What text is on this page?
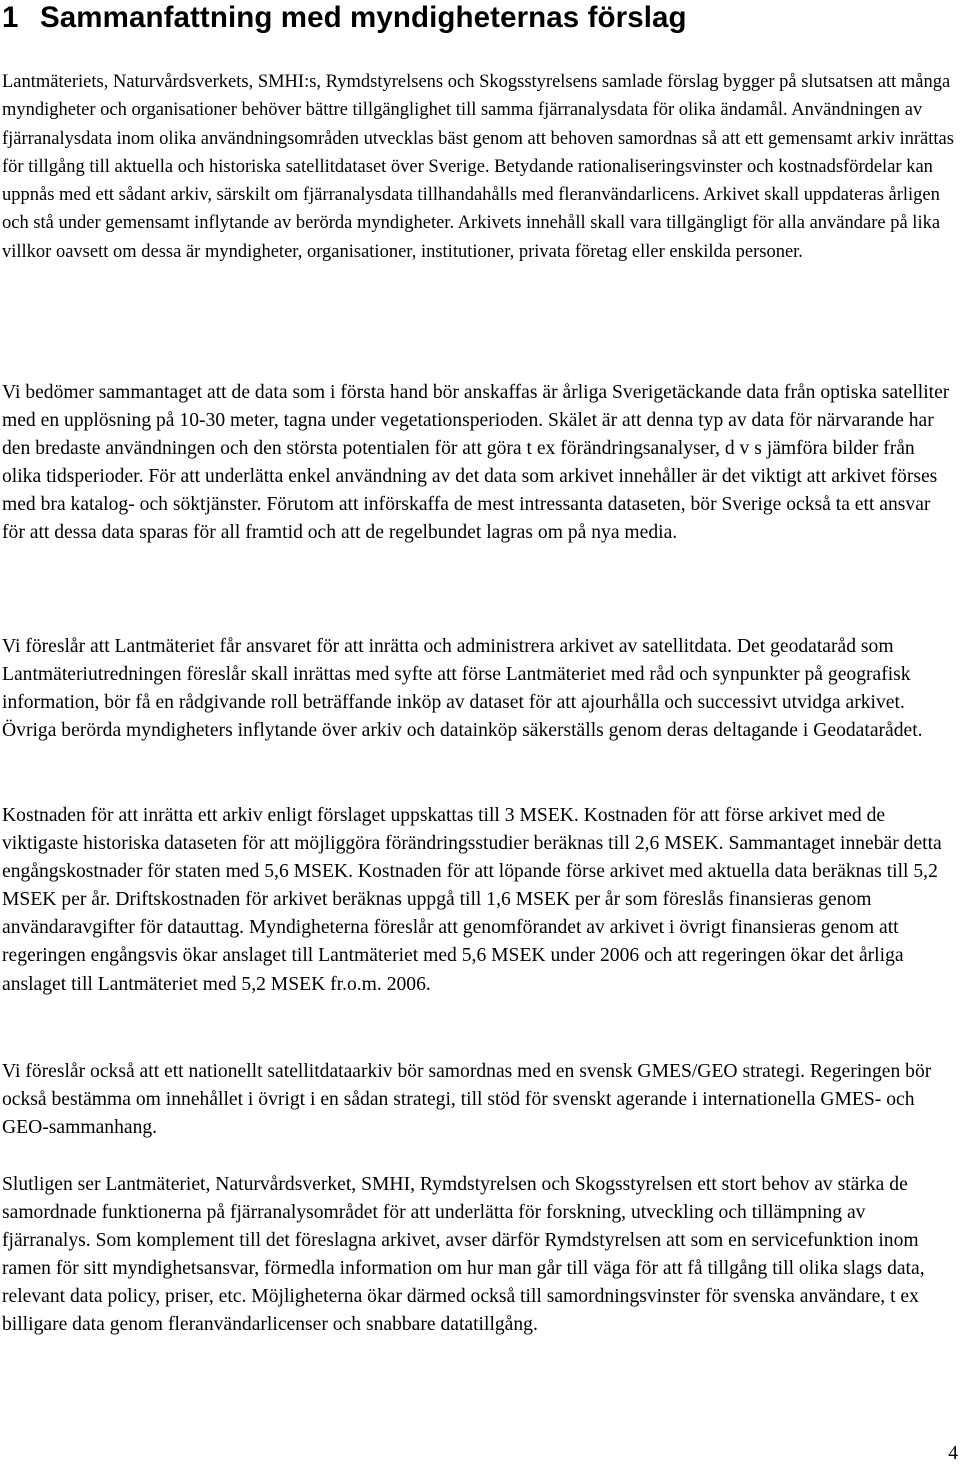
1 Sammanfattning med myndigheternas förslag

Lantmäteriets, Naturvårdsverkets, SMHI:s, Rymdstyrelsens och Skogsstyrelsens samlade förslag bygger på slutsatsen att många myndigheter och organisationer behöver bättre tillgänglighet till samma fjärranalysdata för olika ändamål. Användningen av fjärranalysdata inom olika användningsområden utvecklas bäst genom att behoven samordnas så att ett gemensamt arkiv inrättas för tillgång till aktuella och historiska satellitdataset över Sverige. Betydande rationaliseringsvinster och kostnadsfördelar kan uppnås med ett sådant arkiv, särskilt om fjärranalysdata tillhandahålls med fleranvändarlicens. Arkivet skall uppdateras årligen och stå under gemensamt inflytande av berörda myndigheter. Arkivets innehåll skall vara tillgängligt för alla användare på lika villkor oavsett om dessa är myndigheter, organisationer, institutioner, privata företag eller enskilda personer.

Vi bedömer sammantaget att de data som i första hand bör anskaffas är årliga Sverigetäckande data från optiska satelliter med en upplösning på 10-30 meter, tagna under vegetationsperioden. Skälet är att denna typ av data för närvarande har den bredaste användningen och den största potentialen för att göra t ex förändringsanalyser, d v s jämföra bilder från olika tidsperioder. För att underlätta enkel användning av det data som arkivet innehåller är det viktigt att arkivet förses med bra katalog- och söktjänster. Förutom att införskaffa de mest intressanta dataseten, bör Sverige också ta ett ansvar för att dessa data sparas för all framtid och att de regelbundet lagras om på nya media.

Vi föreslår att Lantmäteriet får ansvaret för att inrätta och administrera arkivet av satellitdata. Det geodataråd som Lantmäteriutredningen föreslår skall inrättas med syfte att förse Lantmäteriet med råd och synpunkter på geografisk information, bör få en rådgivande roll beträffande inköp av dataset för att ajourhålla och successivt utvidga arkivet. Övriga berörda myndigheters inflytande över arkiv och datainköp säkerställs genom deras deltagande i Geodatarådet.

Kostnaden för att inrätta ett arkiv enligt förslaget uppskattas till 3 MSEK. Kostnaden för att förse arkivet med de viktigaste historiska dataseten för att möjliggöra förändringsstudier beräknas till 2,6 MSEK. Sammantaget innebär detta engångskostnader för staten med 5,6 MSEK. Kostnaden för att löpande förse arkivet med aktuella data beräknas till 5,2 MSEK per år. Driftskostnaden för arkivet beräknas uppgå till 1,6 MSEK per år som föreslås finansieras genom användaravgifter för datauttag. Myndigheterna föreslår att genomförandet av arkivet i övrigt finansieras genom att regeringen engångsvis ökar anslaget till Lantmäteriet med 5,6 MSEK under 2006 och att regeringen ökar det årliga anslaget till Lantmäteriet med 5,2 MSEK fr.o.m. 2006.

Vi föreslår också att ett nationellt satellitdataarkiv bör samordnas med en svensk GMES/GEO strategi. Regeringen bör också bestämma om innehållet i övrigt i en sådan strategi, till stöd för svenskt agerande i internationella GMES- och GEO-sammanhang.

Slutligen ser Lantmäteriet, Naturvårdsverket, SMHI, Rymdstyrelsen och Skogsstyrelsen ett stort behov av stärka de samordnade funktionerna på fjärranalysområdet för att underlätta för forskning, utveckling och tillämpning av fjärranalys. Som komplement till det föreslagna arkivet, avser därför Rymdstyrelsen att som en servicefunktion inom ramen för sitt myndighetsansvar, förmedla information om hur man går till väga för att få tillgång till olika slags data, relevant data policy, priser, etc. Möjligheterna ökar därmed också till samordningsvinster för svenska användare, t ex billigare data genom fleranvändarlicenser och snabbare datatillgång.

4
